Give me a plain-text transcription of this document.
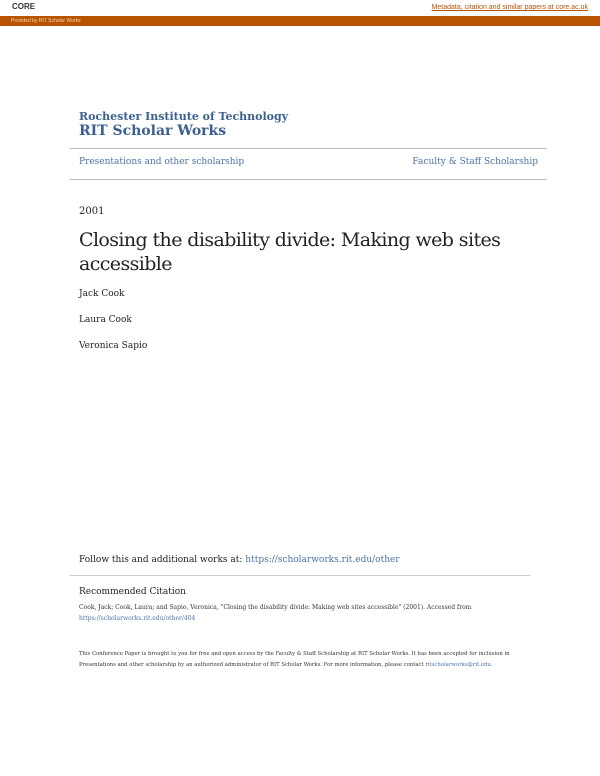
CORE	Metadata, citation and similar papers at core.ac.uk
Provided by RIT Scholar Works
Rochester Institute of Technology
RIT Scholar Works
Presentations and other scholarship	Faculty & Staff Scholarship
2001
Closing the disability divide: Making web sites accessible
Jack Cook
Laura Cook
Veronica Sapio
Follow this and additional works at: https://scholarworks.rit.edu/other
Recommended Citation
Cook, Jack; Cook, Laura; and Sapio, Veronica, "Closing the disability divide: Making web sites accessible" (2001). Accessed from
https://scholarworks.rit.edu/other/404
This Conference Paper is brought to you for free and open access by the Faculty & Staff Scholarship at RIT Scholar Works. It has been accepted for inclusion in Presentations and other scholarship by an authorized administrator of RIT Scholar Works. For more information, please contact ritscholarworks@rit.edu.
